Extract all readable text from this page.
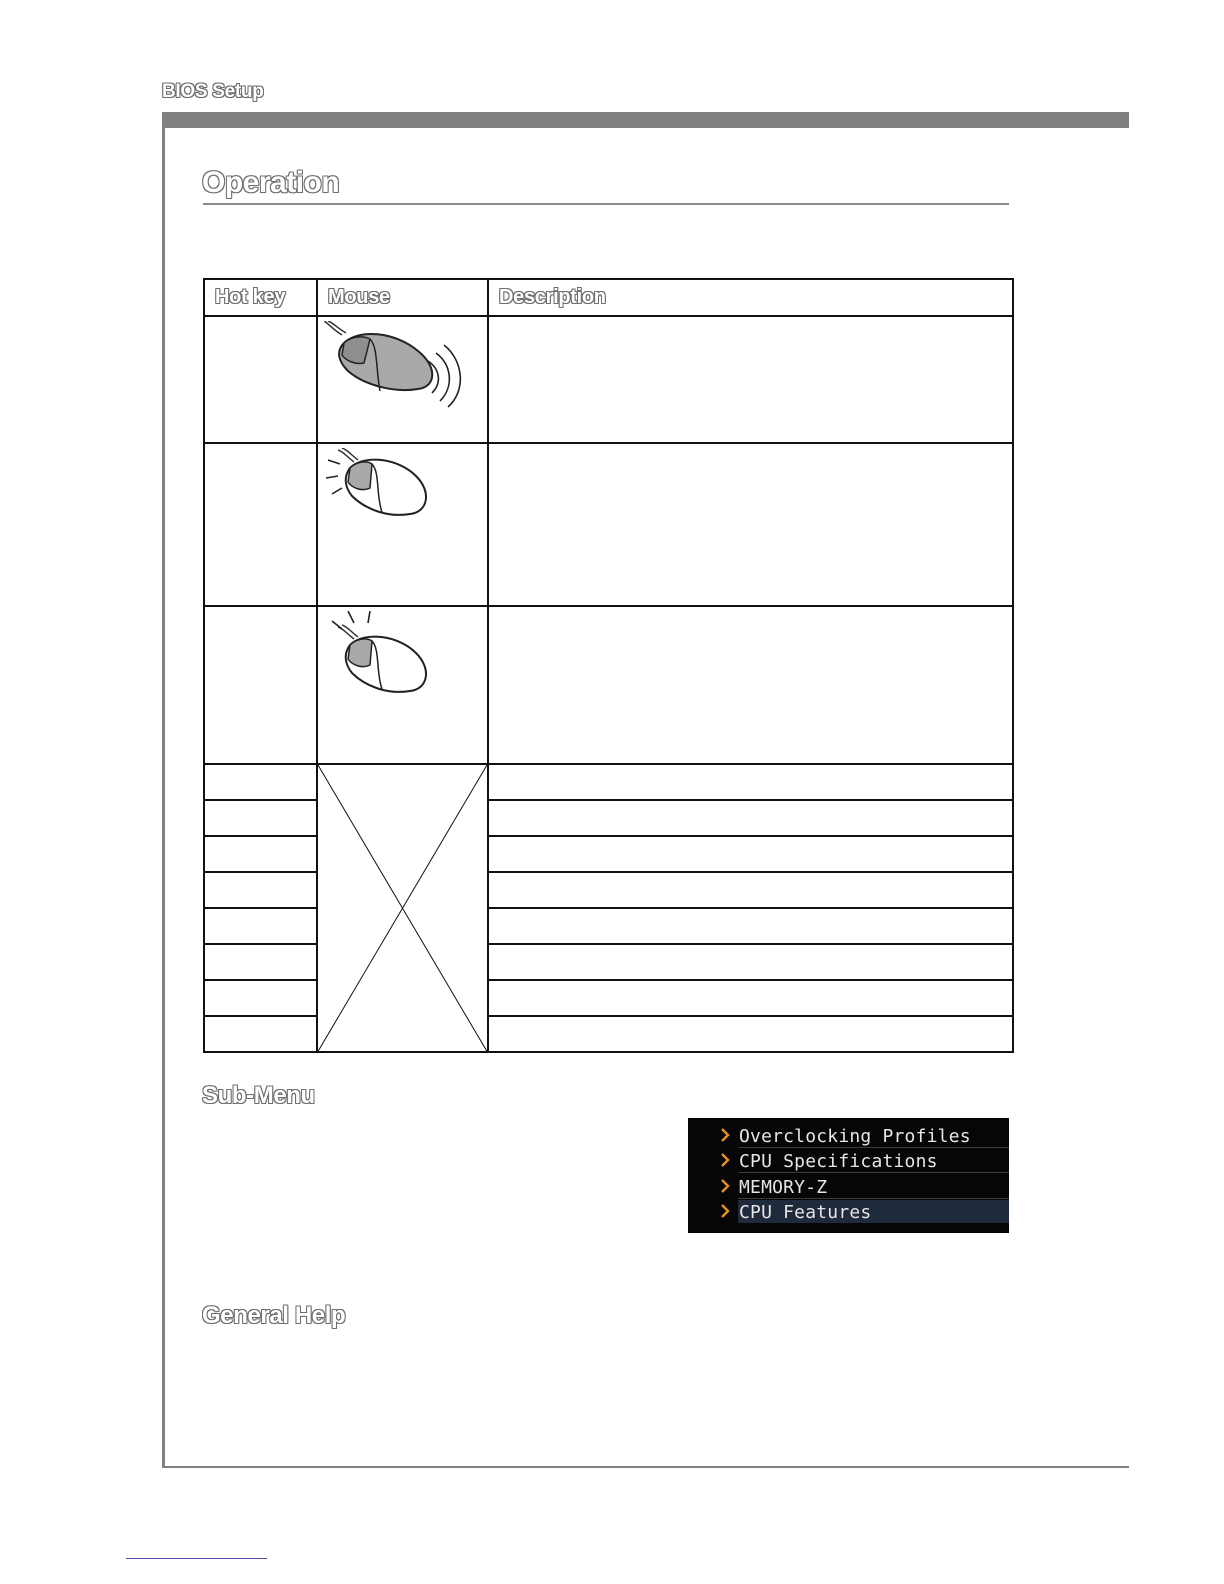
BIOS Setup
Operation
Hot key	Mouse	Description

Sub-Menu
Overclocking Profiles
CPU Specifications
MEMORY-Z
CPU Features
General Help
